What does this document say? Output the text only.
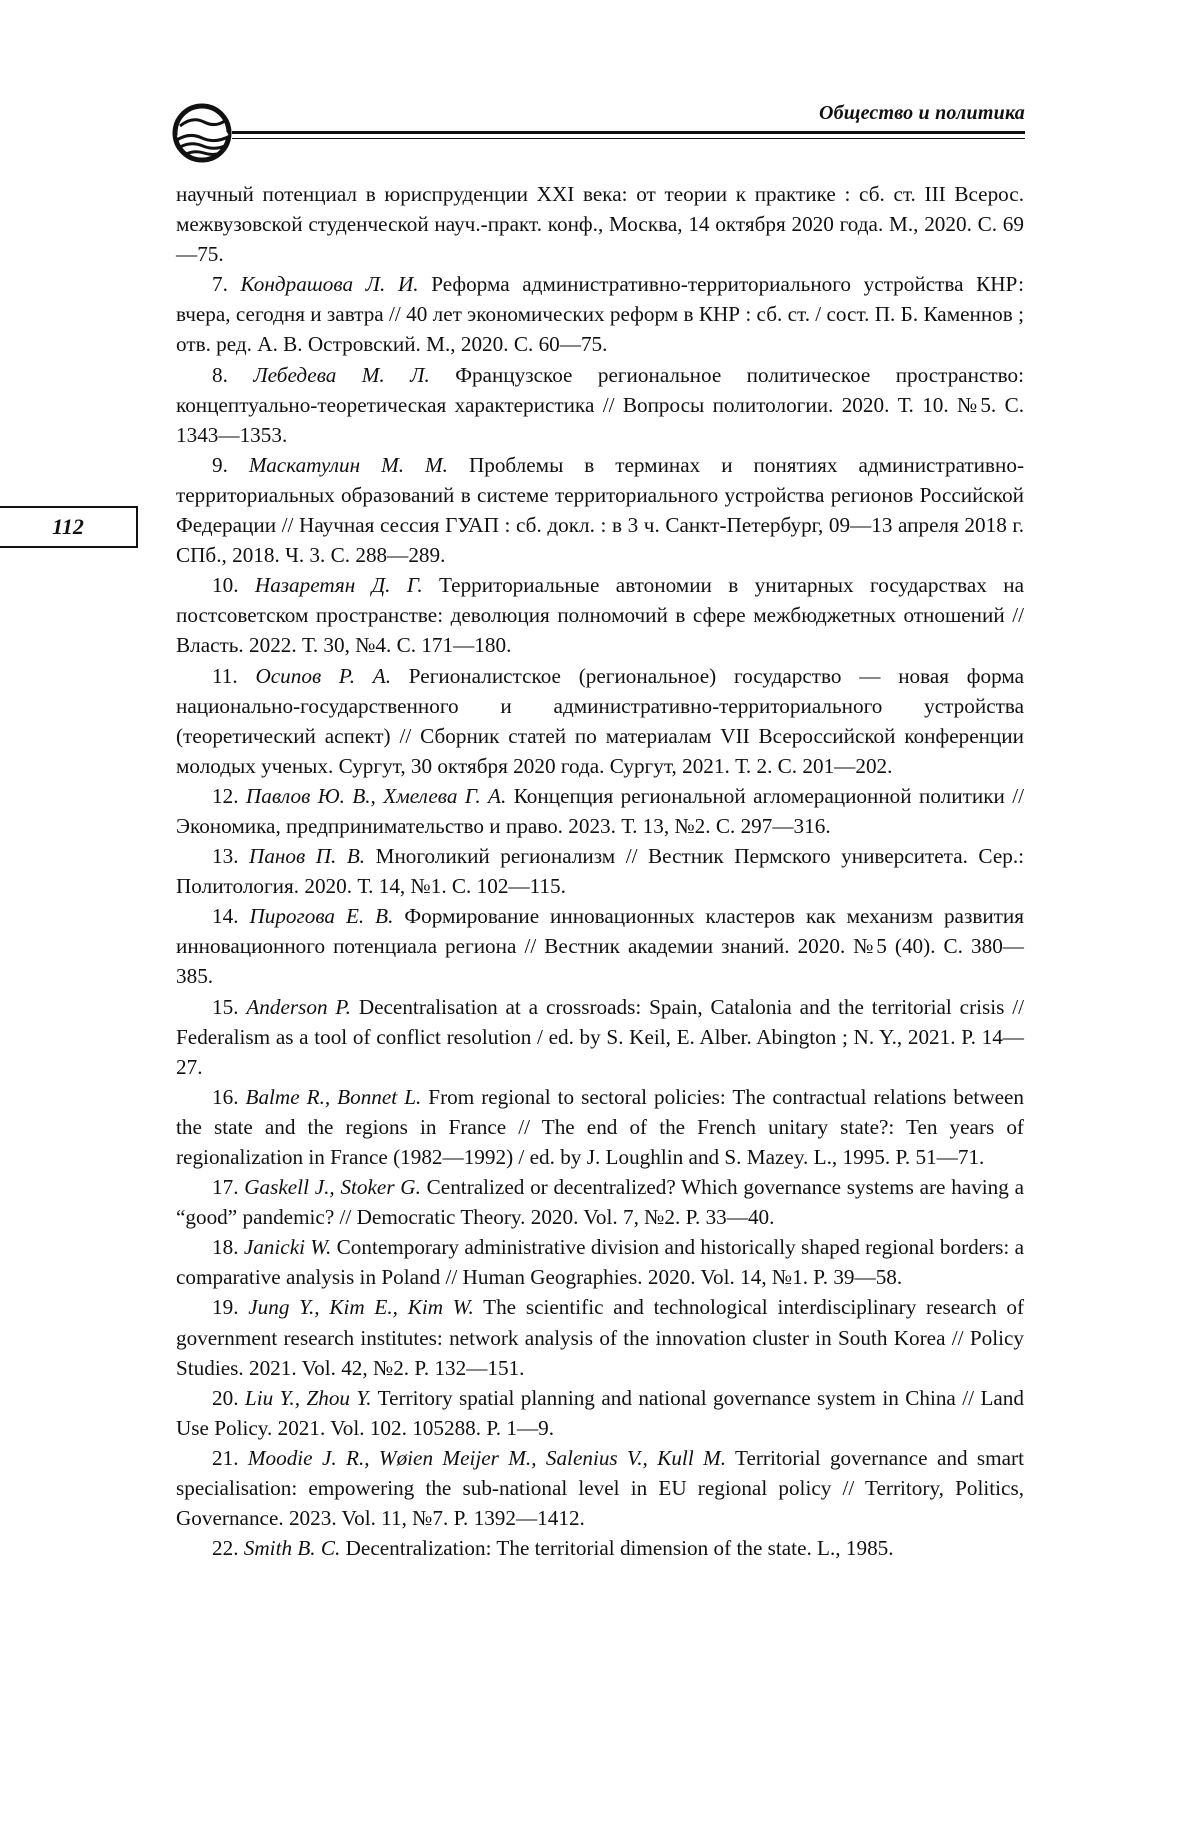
Общество и политика
112

научный потенциал в юриспруденции XXI века: от теории к практике : сб. ст. III Всерос. межвузовской студенческой науч.-практ. конф., Москва, 14 октября 2020 года. М., 2020. С. 69—75.

7. Кондрашова Л. И. Реформа административно-территориального устройства КНР: вчера, сегодня и завтра // 40 лет экономических реформ в КНР : сб. ст. / сост. П. Б. Каменнов ; отв. ред. А. В. Островский. М., 2020. С. 60—75.

8. Лебедева М. Л. Французское региональное политическое пространство: концептуально-теоретическая характеристика // Вопросы политологии. 2020. Т. 10. №5. С. 1343—1353.

9. Маскатулин М. М. Проблемы в терминах и понятиях административно-территориальных образований в системе территориального устройства регионов Российской Федерации // Научная сессия ГУАП : сб. докл. : в 3 ч. Санкт-Петербург, 09—13 апреля 2018 г. СПб., 2018. Ч. 3. С. 288—289.

10. Назаретян Д. Г. Территориальные автономии в унитарных государствах на постсоветском пространстве: деволюция полномочий в сфере межбюджетных отношений // Власть. 2022. Т. 30, №4. С. 171—180.

11. Осипов Р. А. Регионалистское (региональное) государство — новая форма национально-государственного и административно-территориального устройства (теоретический аспект) // Сборник статей по материалам VII Всероссийской конференции молодых ученых. Сургут, 30 октября 2020 года. Сургут, 2021. Т. 2. С. 201—202.

12. Павлов Ю. В., Хмелева Г. А. Концепция региональной агломерационной политики // Экономика, предпринимательство и право. 2023. Т. 13, №2. С. 297—316.

13. Панов П. В. Многоликий регионализм // Вестник Пермского университета. Сер.: Политология. 2020. Т. 14, №1. С. 102—115.

14. Пирогова Е. В. Формирование инновационных кластеров как механизм развития инновационного потенциала региона // Вестник академии знаний. 2020. №5 (40). С. 380—385.

15. Anderson P. Decentralisation at a crossroads: Spain, Catalonia and the territorial crisis // Federalism as a tool of conflict resolution / ed. by S. Keil, E. Alber. Abington ; N. Y., 2021. P. 14—27.

16. Balme R., Bonnet L. From regional to sectoral policies: The contractual relations between the state and the regions in France // The end of the French unitary state?: Ten years of regionalization in France (1982—1992) / ed. by J. Loughlin and S. Mazey. L., 1995. P. 51—71.

17. Gaskell J., Stoker G. Centralized or decentralized? Which governance systems are having a “good” pandemic? // Democratic Theory. 2020. Vol. 7, №2. P. 33—40.

18. Janicki W. Contemporary administrative division and historically shaped regional borders: a comparative analysis in Poland // Human Geographies. 2020. Vol. 14, №1. P. 39—58.

19. Jung Y., Kim E., Kim W. The scientific and technological interdisciplinary research of government research institutes: network analysis of the innovation cluster in South Korea // Policy Studies. 2021. Vol. 42, №2. P. 132—151.

20. Liu Y., Zhou Y. Territory spatial planning and national governance system in China // Land Use Policy. 2021. Vol. 102. 105288. P. 1—9.

21. Moodie J. R., Wøien Meijer M., Salenius V., Kull M. Territorial governance and smart specialisation: empowering the sub-national level in EU regional policy // Territory, Politics, Governance. 2023. Vol. 11, №7. P. 1392—1412.

22. Smith B. C. Decentralization: The territorial dimension of the state. L., 1985.
